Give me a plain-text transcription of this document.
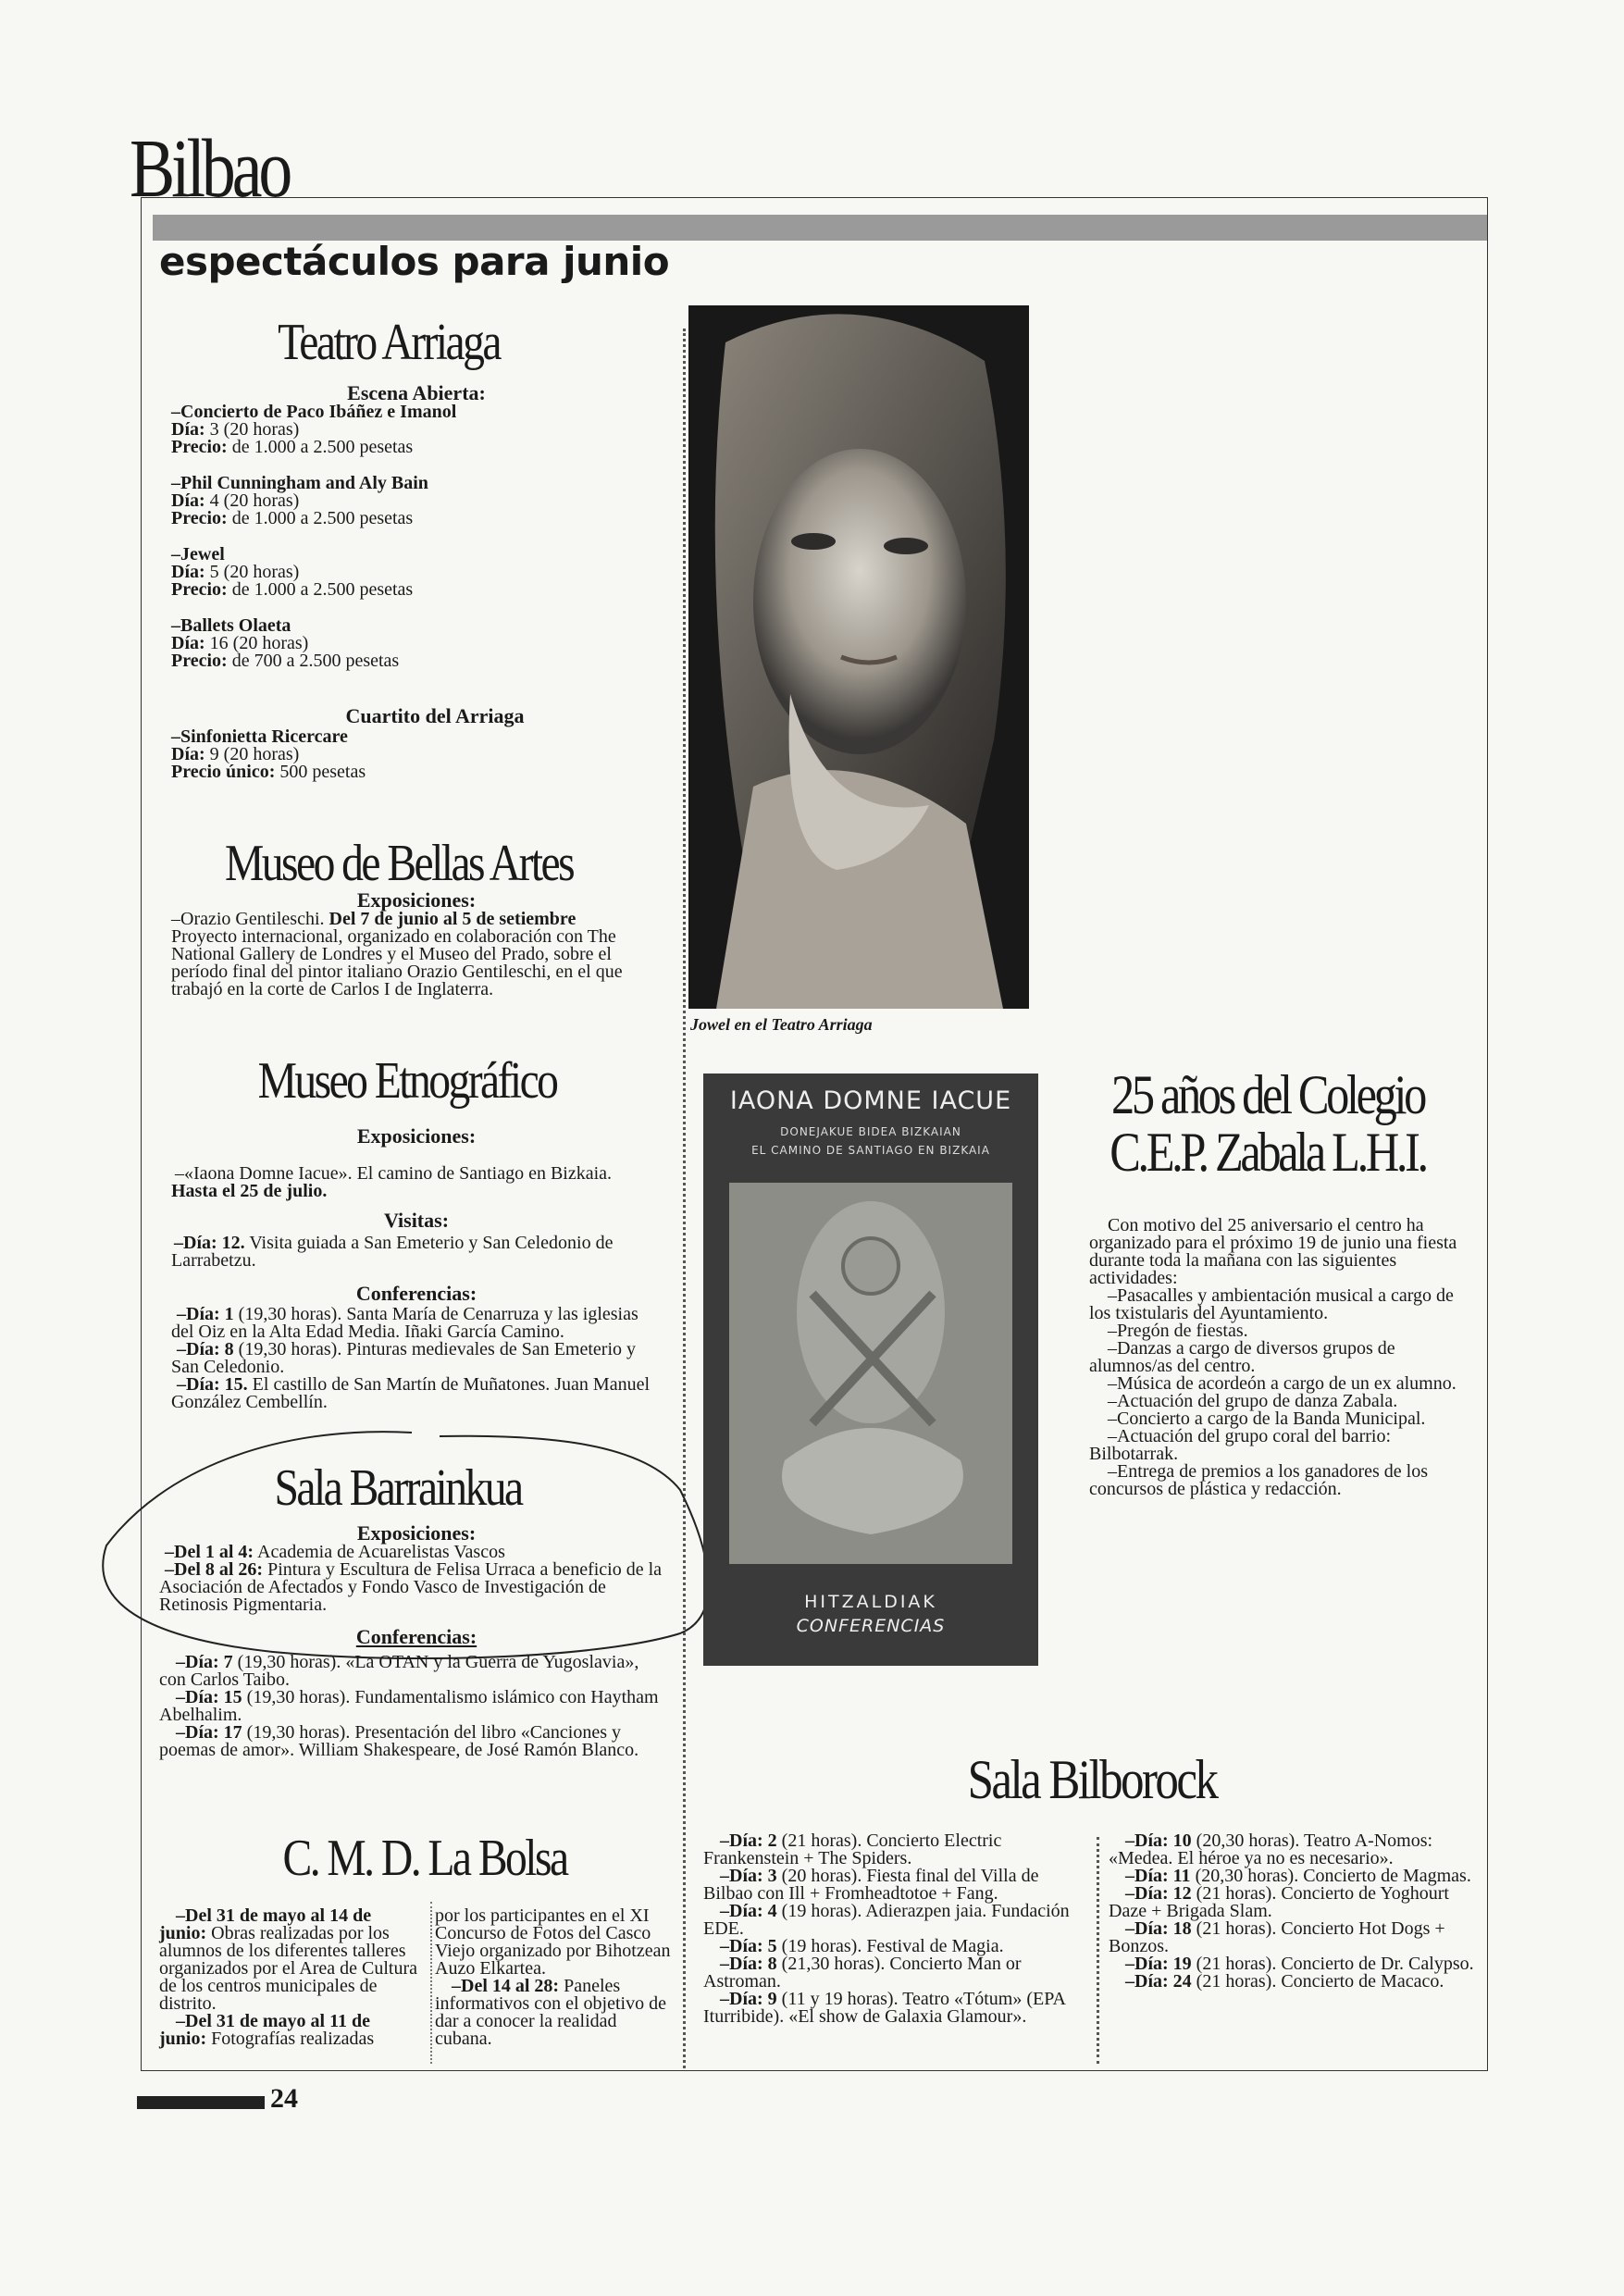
Bilbao
espectáculos para junio
Teatro Arriaga
Escena Abierta:
–Concierto de Paco Ibáñez e Imanol
Día: 3 (20 horas)
Precio: de 1.000 a 2.500 pesetas
–Phil Cunningham and Aly Bain
Día: 4 (20 horas)
Precio: de 1.000 a 2.500 pesetas
–Jewel
Día: 5 (20 horas)
Precio: de 1.000 a 2.500 pesetas
–Ballets Olaeta
Día: 16 (20 horas)
Precio: de 700 a 2.500 pesetas
Cuartito del Arriaga
–Sinfonietta Ricercare
Día: 9 (20 horas)
Precio único: 500 pesetas
Museo de Bellas Artes
Exposiciones:
–Orazio Gentileschi. Del 7 de junio al 5 de setiembre
Proyecto internacional, organizado en colaboración con The National Gallery de Londres y el Museo del Prado, sobre el período final del pintor italiano Orazio Gentileschi, en el que trabajó en la corte de Carlos I de Inglaterra.
Jowel en el Teatro Arriaga
Museo Etnográfico
Exposiciones:
–«Iaona Domne Iacue». El camino de Santiago en Bizkaia.
Hasta el 25 de julio.
Visitas:
–Día: 12. Visita guiada a San Emeterio y San Celedonio de Larrabetzu.
Conferencias:
–Día: 1 (19,30 horas). Santa María de Cenarruza y las iglesias del Oiz en la Alta Edad Media. Iñaki García Camino.
–Día: 8 (19,30 horas). Pinturas medievales de San Emeterio y San Celedonio.
–Día: 15. El castillo de San Martín de Muñatones. Juan Manuel González Cembellín.
Sala Barrainkua
Exposiciones:
–Del 1 al 4: Academia de Acuarelistas Vascos
–Del 8 al 26: Pintura y Escultura de Felisa Urraca a beneficio de la Asociación de Afectados y Fondo Vasco de Investigación de Retinosis Pigmentaria.
Conferencias:
–Día: 7 (19,30 horas). «La OTAN y la Guerra de Yugoslavia», con Carlos Taibo.
–Día: 15 (19,30 horas). Fundamentalismo islámico con Haytham Abelhalim.
–Día: 17 (19,30 horas). Presentación del libro «Canciones y poemas de amor». William Shakespeare, de José Ramón Blanco.
C. M. D. La Bolsa
–Del 31 de mayo al 14 de junio: Obras realizadas por los alumnos de los diferentes talleres organizados por el Area de Cultura de los centros municipales de distrito.
–Del 31 de mayo al 11 de junio: Fotografías realizadas
por los participantes en el XI Concurso de Fotos del Casco Viejo organizado por Bihotzean Auzo Elkartea.
–Del 14 al 28: Paneles informativos con el objetivo de dar a conocer la realidad cubana.
IAONA DOMNE IACUE
DONEJAKUE BIDEA BIZKAIAN
EL CAMINO DE SANTIAGO EN BIZKAIA
HITZALDIAK
CONFERENCIAS
25 años del Colegio
C.E.P. Zabala L.H.I.
Con motivo del 25 aniversario el centro ha organizado para el próximo 19 de junio una fiesta durante toda la mañana con las siguientes actividades:
–Pasacalles y ambientación musical a cargo de los txistularis del Ayuntamiento.
–Pregón de fiestas.
–Danzas a cargo de diversos grupos de alumnos/as del centro.
–Música de acordeón a cargo de un ex alumno.
–Actuación del grupo de danza Zabala.
–Concierto a cargo de la Banda Municipal.
–Actuación del grupo coral del barrio: Bilbotarrak.
–Entrega de premios a los ganadores de los concursos de plástica y redacción.
Sala Bilborock
–Día: 2 (21 horas). Concierto Electric Frankenstein + The Spiders.
–Día: 3 (20 horas). Fiesta final del Villa de Bilbao con Ill + Fromheadtotoe + Fang.
–Día: 4 (19 horas). Adierazpen jaia. Fundación EDE.
–Día: 5 (19 horas). Festival de Magia.
–Día: 8 (21,30 horas). Concierto Man or Astroman.
–Día: 9 (11 y 19 horas). Teatro «Tótum» (EPA Iturribide). «El show de Galaxia Glamour».
–Día: 10 (20,30 horas). Teatro A-Nomos: «Medea. El héroe ya no es necesario».
–Día: 11 (20,30 horas). Concierto de Magmas.
–Día: 12 (21 horas). Concierto de Yoghourt Daze + Brigada Slam.
–Día: 18 (21 horas). Concierto Hot Dogs + Bonzos.
–Día: 19 (21 horas). Concierto de Dr. Calypso.
–Día: 24 (21 horas). Concierto de Macaco.
24
